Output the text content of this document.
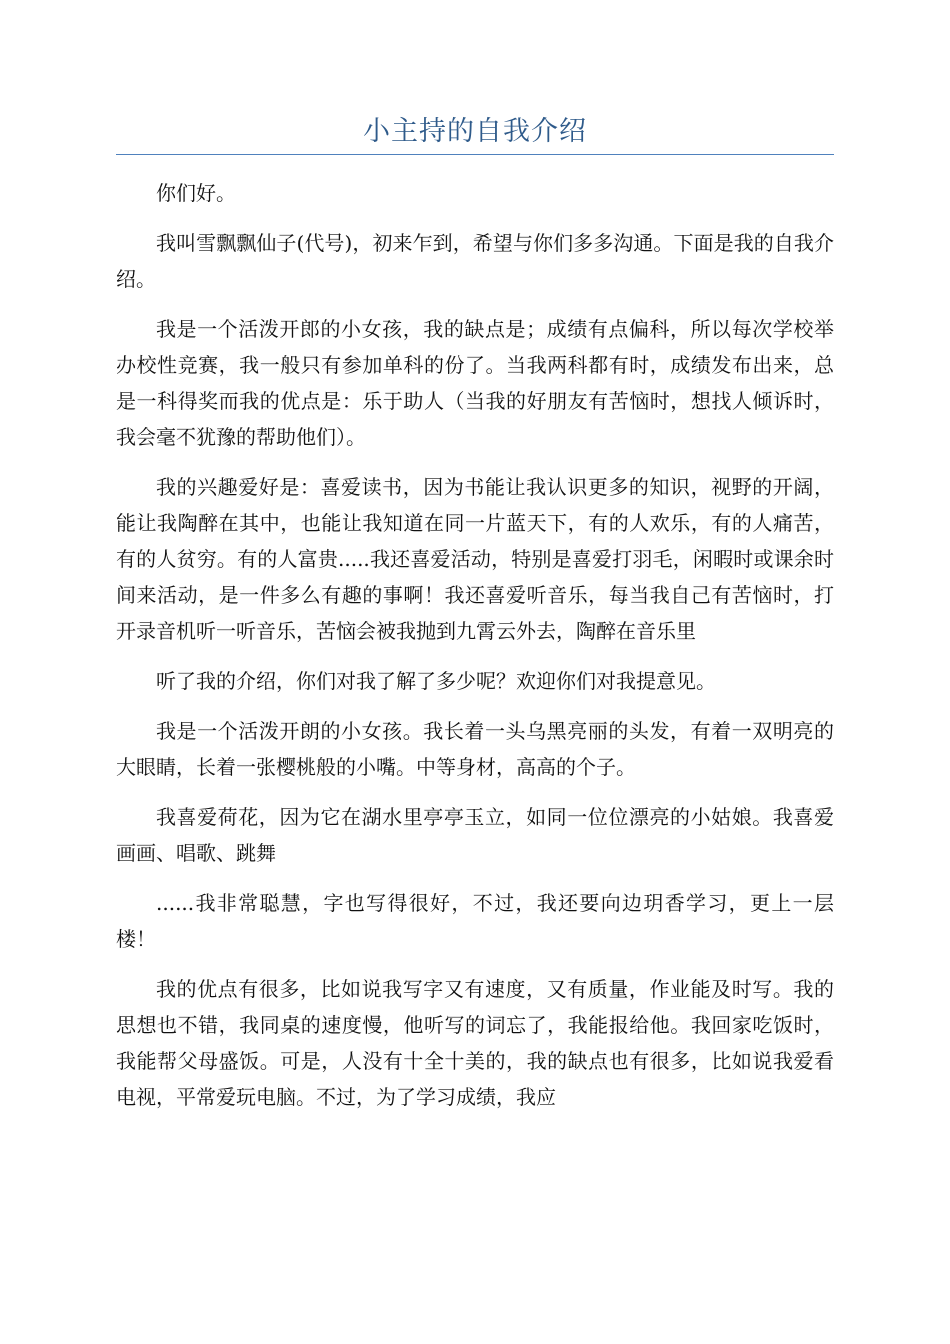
小主持的自我介绍

你们好。

我叫雪飘飘仙子(代号)，初来乍到，希望与你们多多沟通。下面是我的自我介绍。

我是一个活泼开郎的小女孩，我的缺点是；成绩有点偏科，所以每次学校举办校性竞赛，我一般只有参加单科的份了。当我两科都有时，成绩发布出来，总是一科得奖而我的优点是：乐于助人（当我的好朋友有苦恼时，想找人倾诉时，我会毫不犹豫的帮助他们）。

我的兴趣爱好是：喜爱读书，因为书能让我认识更多的知识，视野的开阔，能让我陶醉在其中，也能让我知道在同一片蓝天下，有的人欢乐，有的人痛苦，有的人贫穷。有的人富贵.....我还喜爱活动，特别是喜爱打羽毛，闲暇时或课余时间来活动，是一件多么有趣的事啊！我还喜爱听音乐，每当我自己有苦恼时，打开录音机听一听音乐，苦恼会被我抛到九霄云外去，陶醉在音乐里

听了我的介绍，你们对我了解了多少呢？欢迎你们对我提意见。

我是一个活泼开朗的小女孩。我长着一头乌黑亮丽的头发，有着一双明亮的大眼睛，长着一张樱桃般的小嘴。中等身材，高高的个子。

我喜爱荷花，因为它在湖水里亭亭玉立，如同一位位漂亮的小姑娘。我喜爱画画、唱歌、跳舞

......我非常聪慧，字也写得很好，不过，我还要向边玥香学习，更上一层楼！

我的优点有很多，比如说我写字又有速度，又有质量，作业能及时写。我的思想也不错，我同桌的速度慢，他听写的词忘了，我能报给他。我回家吃饭时，我能帮父母盛饭。可是，人没有十全十美的，我的缺点也有很多，比如说我爱看电视，平常爱玩电脑。不过，为了学习成绩，我应
